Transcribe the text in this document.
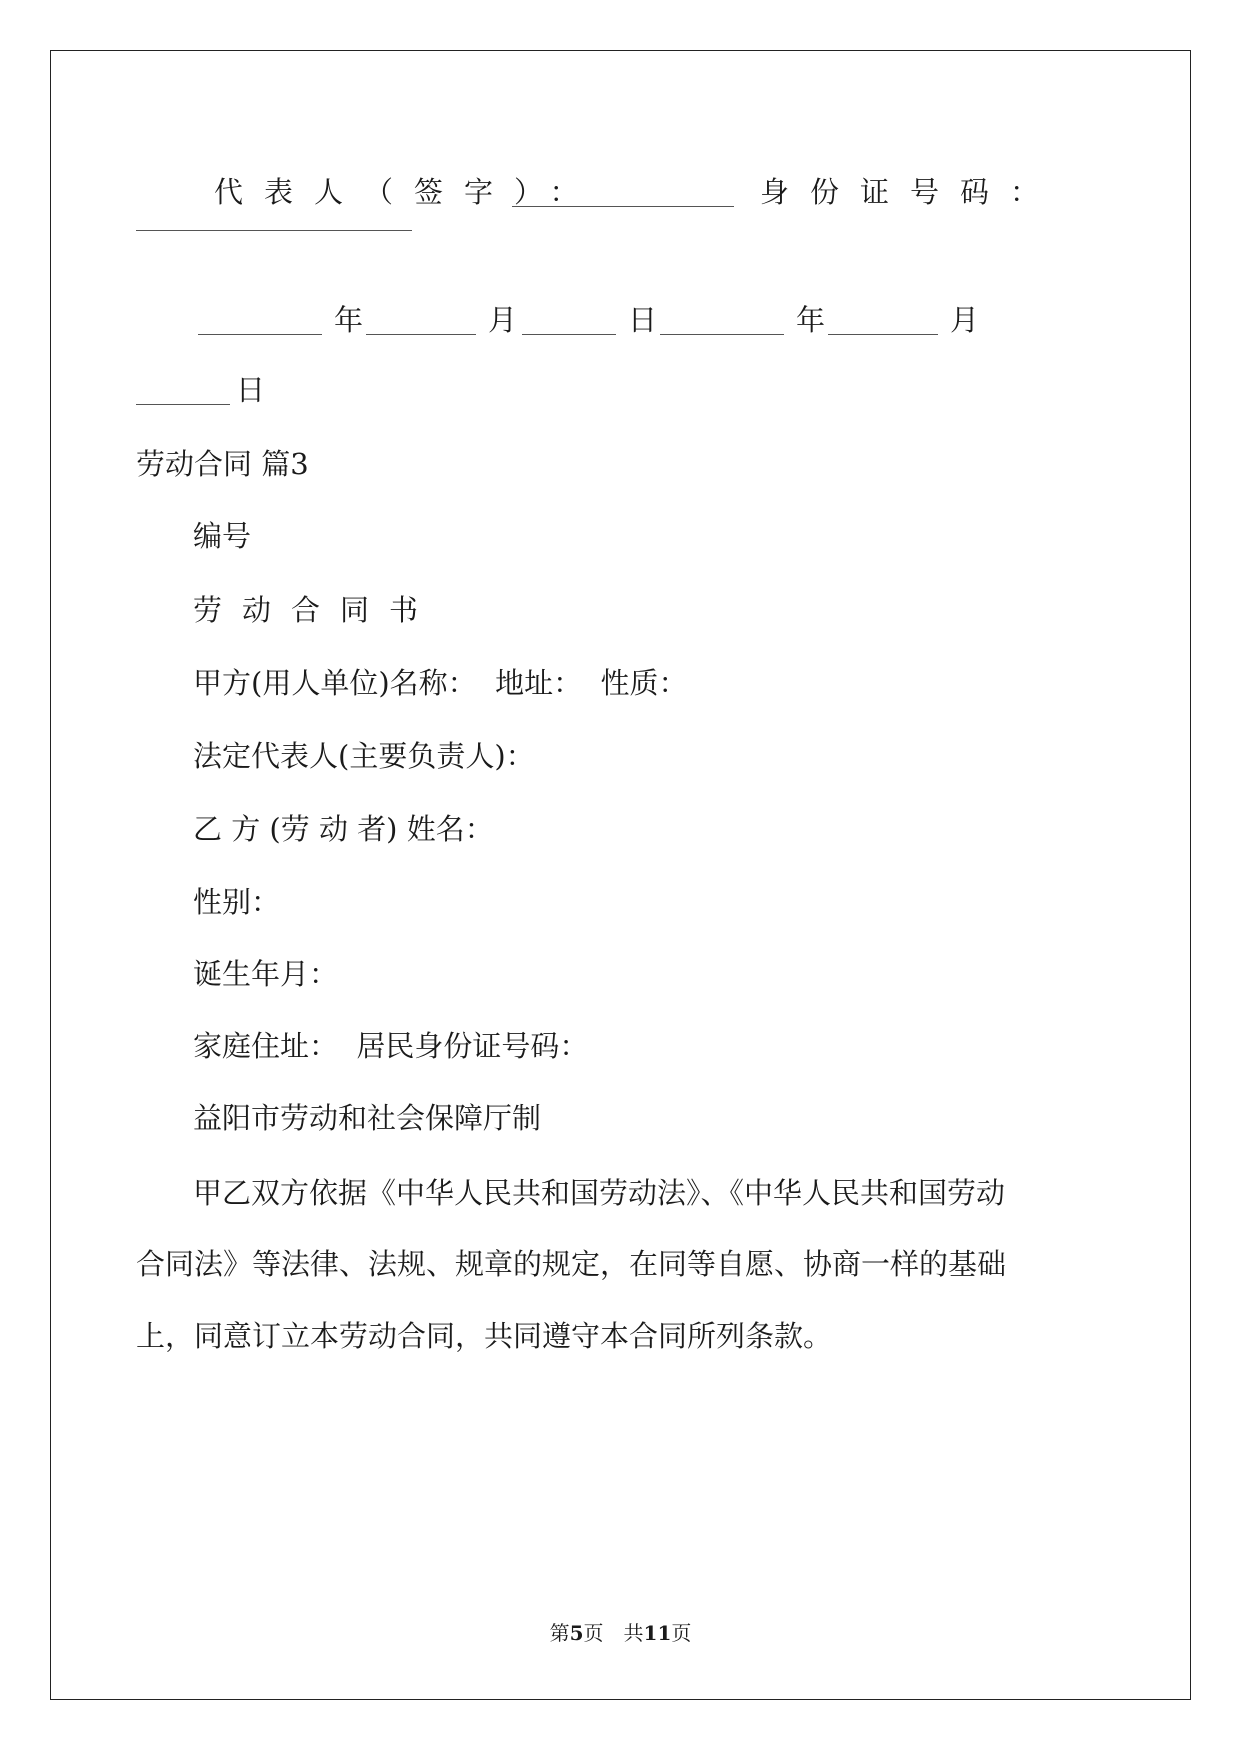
代表人（签字）：

	身份证号码：

年

	月

	日

	年

	月

日

劳动合同 篇3
编号
劳动合同书
甲方(用人单位)名称：  地址：  性质：
法定代表人(主要负责人)：
乙 方 (劳 动 者) 姓名：
性别：
诞生年月：
家庭住址：  居民身份证号码：
益阳市劳动和社会保障厅制
甲乙双方依据《中华人民共和国劳动法》、《中华人民共和国劳动
合同法》等法律、法规、规章的规定，在同等自愿、协商一样的基础
上，同意订立本劳动合同，共同遵守本合同所列条款。
第5页　共11页
